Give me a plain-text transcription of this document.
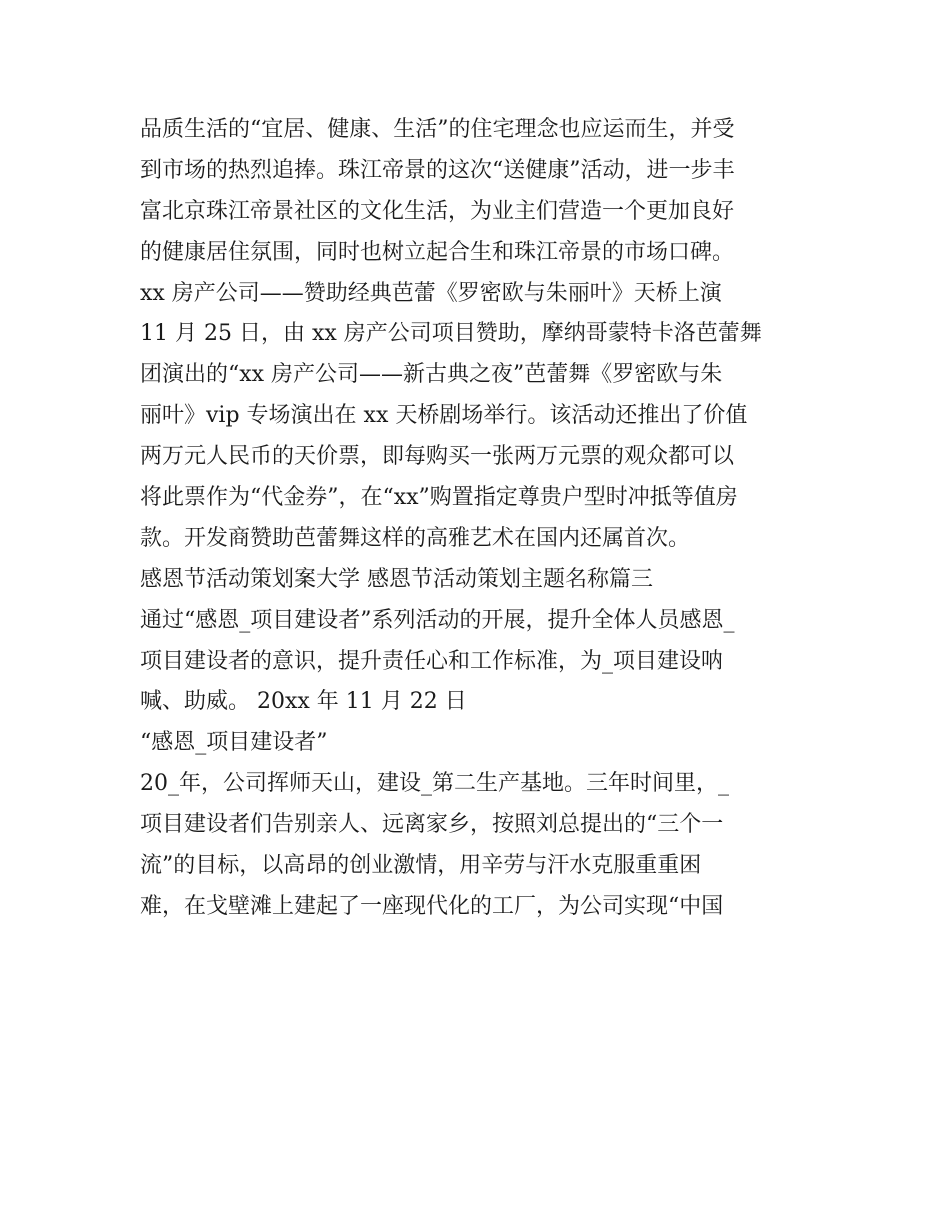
品质生活的“宜居、健康、生活”的住宅理念也应运而生，并受
到市场的热烈追捧。珠江帝景的这次“送健康”活动，进一步丰
富北京珠江帝景社区的文化生活，为业主们营造一个更加良好
的健康居住氛围，同时也树立起合生和珠江帝景的市场口碑。
xx 房产公司——赞助经典芭蕾《罗密欧与朱丽叶》天桥上演
11 月 25 日，由 xx 房产公司项目赞助，摩纳哥蒙特卡洛芭蕾舞
团演出的“xx 房产公司——新古典之夜”芭蕾舞《罗密欧与朱
丽叶》vip 专场演出在 xx 天桥剧场举行。该活动还推出了价值
两万元人民币的天价票，即每购买一张两万元票的观众都可以
将此票作为“代金券”，在“xx”购置指定尊贵户型时冲抵等值房
款。开发商赞助芭蕾舞这样的高雅艺术在国内还属首次。
感恩节活动策划案大学 感恩节活动策划主题名称篇三
通过“感恩_项目建设者”系列活动的开展，提升全体人员感恩_
项目建设者的意识，提升责任心和工作标准，为_项目建设呐
喊、助威。 20xx 年 11 月 22 日
“感恩_项目建设者”
20_年，公司挥师天山，建设_第二生产基地。三年时间里，_
项目建设者们告别亲人、远离家乡，按照刘总提出的“三个一
流”的目标，以高昂的创业激情，用辛劳与汗水克服重重困
难，在戈壁滩上建起了一座现代化的工厂，为公司实现“中国
